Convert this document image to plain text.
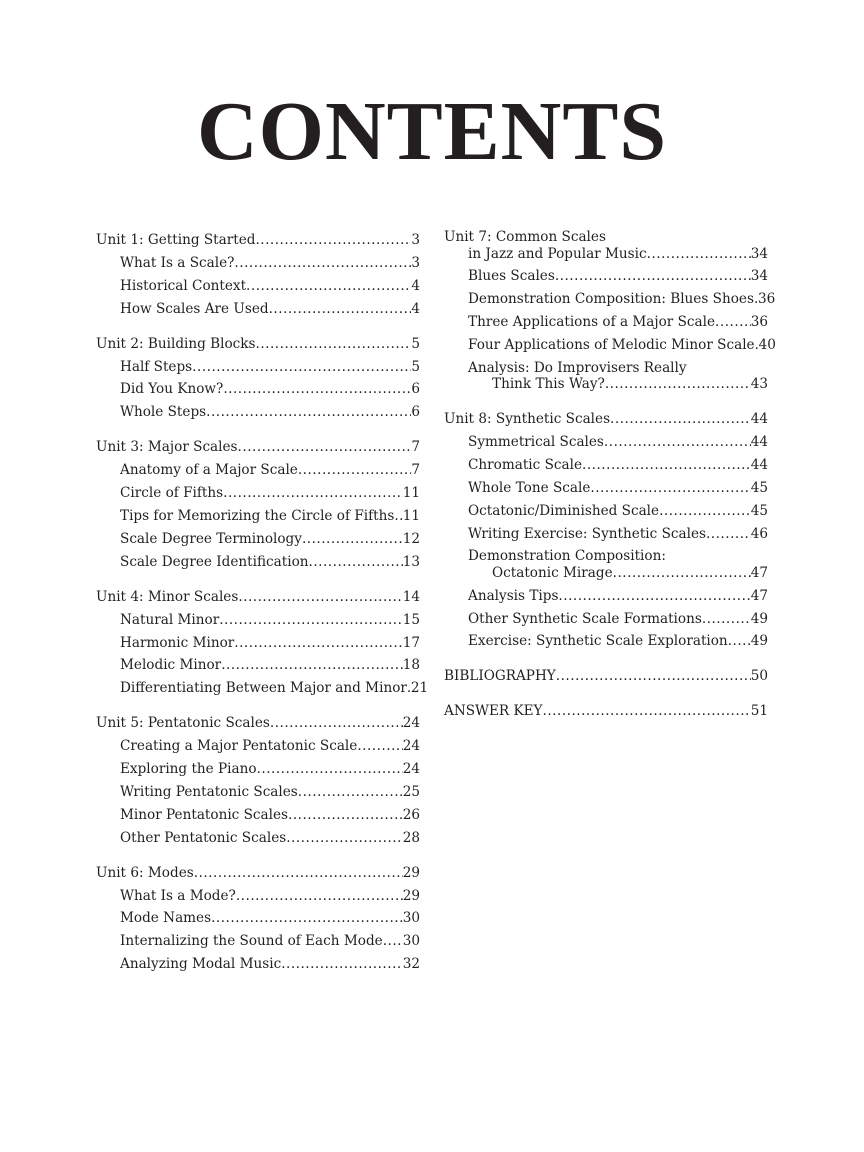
CONTENTS
Unit 1: Getting Started .....	3
What Is a Scale? .....	3
Historical Context .....	4
How Scales Are Used .....	4
Unit 2: Building Blocks .....	5
Half Steps .....	5
Did You Know? .....	6
Whole Steps .....	6
Unit 3: Major Scales .....	7
Anatomy of a Major Scale .....	7
Circle of Fifths .....	11
Tips for Memorizing the Circle of Fifths ..... 11
Scale Degree Terminology .....	12
Scale Degree Identification .....	13
Unit 4: Minor Scales .....	14
Natural Minor .....	15
Harmonic Minor .....	17
Melodic Minor .....	18
Differentiating Between Major and Minor ..... 21
Unit 5: Pentatonic Scales .....	24
Creating a Major Pentatonic Scale .....	24
Exploring the Piano .....	24
Writing Pentatonic Scales .....	25
Minor Pentatonic Scales .....	26
Other Pentatonic Scales .....	28
Unit 6: Modes .....	29
What Is a Mode? .....	29
Mode Names .....	30
Internalizing the Sound of Each Mode ..... 30
Analyzing Modal Music .....	32
Unit 7: Common Scales
in Jazz and Popular Music .....	34
Blues Scales .....	34
Demonstration Composition: Blues Shoes ..... 36
Three Applications of a Major Scale .....	36
Four Applications of Melodic Minor Scale ..... 40
Analysis: Do Improvisers Really
Think This Way? .....	43
Unit 8: Synthetic Scales .....	44
Symmetrical Scales .....	44
Chromatic Scale .....	44
Whole Tone Scale .....	45
Octatonic/Diminished Scale .....	45
Writing Exercise: Synthetic Scales .....	46
Demonstration Composition:
Octatonic Mirage .....	47
Analysis Tips .....	47
Other Synthetic Scale Formations .....	49
Exercise: Synthetic Scale Exploration ..... 49
BIBLIOGRAPHY .....	50
ANSWER KEY .....	51
